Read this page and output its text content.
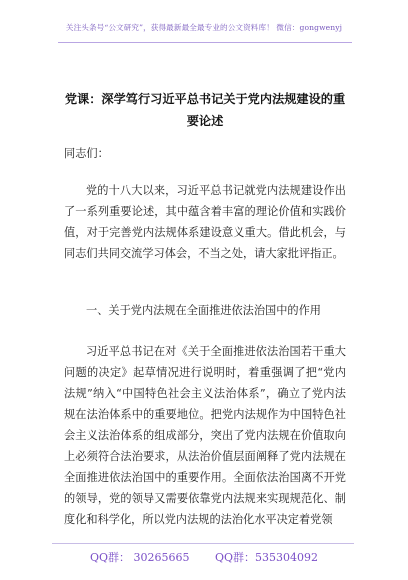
关注头条号“公文研究”，获得最新最全最专业的公文资料库！ 微信：gongwenyj
党课：深学笃行习近平总书记关于党内法规建设的重要论述
同志们：
党的十八大以来，习近平总书记就党内法规建设作出了一系列重要论述，其中蕴含着丰富的理论价值和实践价值，对于完善党内法规体系建设意义重大。借此机会，与同志们共同交流学习体会，不当之处，请大家批评指正。
一、关于党内法规在全面推进依法治国中的作用
习近平总书记在对《关于全面推进依法治国若干重大问题的决定》起草情况进行说明时，着重强调了把“党内法规”纳入“中国特色社会主义法治体系”，确立了党内法规在法治体系中的重要地位。把党内法规作为中国特色社会主义法治体系的组成部分，突出了党内法规在价值取向上必须符合法治要求，从法治价值层面阐释了党内法规在全面推进依法治国中的重要作用。全面依法治国离不开党的领导，党的领导又需要依靠党内法规来实现规范化、制度化和科学化，所以党内法规的法治化水平决定着党领
QQ群： 30265665 QQ群：535304092
